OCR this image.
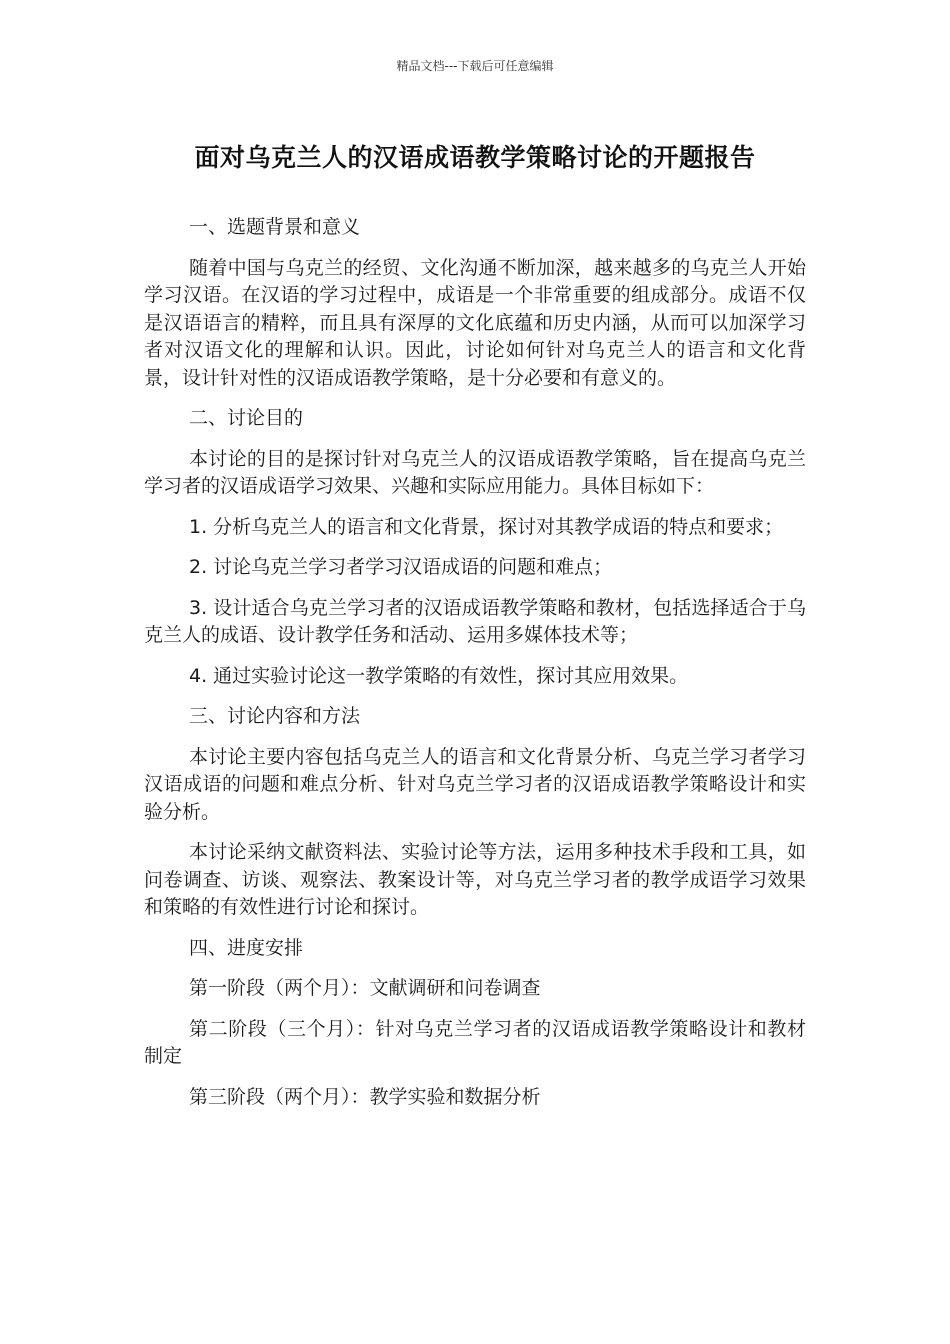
精品文档---下载后可任意编辑
面对乌克兰人的汉语成语教学策略讨论的开题报告

一、选题背景和意义

随着中国与乌克兰的经贸、文化沟通不断加深，越来越多的乌克兰人开始学习汉语。在汉语的学习过程中，成语是一个非常重要的组成部分。成语不仅是汉语语言的精粹，而且具有深厚的文化底蕴和历史内涵，从而可以加深学习者对汉语文化的理解和认识。因此，讨论如何针对乌克兰人的语言和文化背景，设计针对性的汉语成语教学策略，是十分必要和有意义的。

二、讨论目的

本讨论的目的是探讨针对乌克兰人的汉语成语教学策略，旨在提高乌克兰学习者的汉语成语学习效果、兴趣和实际应用能力。具体目标如下：

1. 分析乌克兰人的语言和文化背景，探讨对其教学成语的特点和要求；

2. 讨论乌克兰学习者学习汉语成语的问题和难点；

3. 设计适合乌克兰学习者的汉语成语教学策略和教材，包括选择适合于乌克兰人的成语、设计教学任务和活动、运用多媒体技术等；

4. 通过实验讨论这一教学策略的有效性，探讨其应用效果。

三、讨论内容和方法

本讨论主要内容包括乌克兰人的语言和文化背景分析、乌克兰学习者学习汉语成语的问题和难点分析、针对乌克兰学习者的汉语成语教学策略设计和实验分析。

本讨论采纳文献资料法、实验讨论等方法，运用多种技术手段和工具，如问卷调查、访谈、观察法、教案设计等，对乌克兰学习者的教学成语学习效果和策略的有效性进行讨论和探讨。

四、进度安排

第一阶段（两个月）：文献调研和问卷调查

第二阶段（三个月）：针对乌克兰学习者的汉语成语教学策略设计和教材制定

第三阶段（两个月）：教学实验和数据分析
